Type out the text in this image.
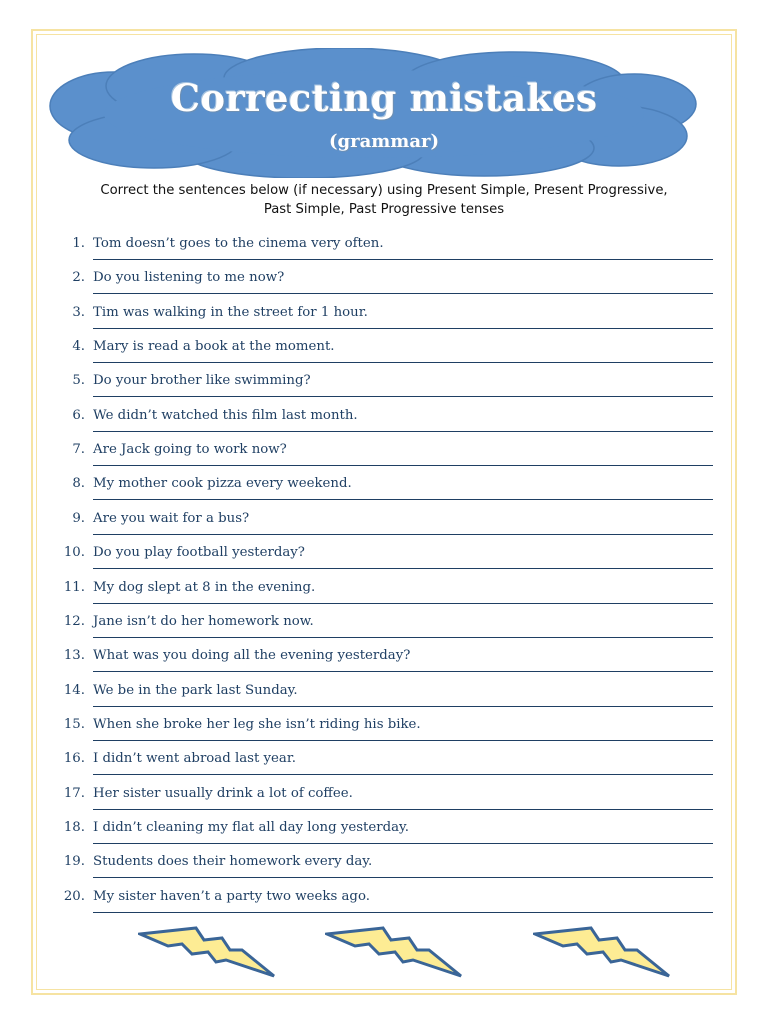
Correcting mistakes
(grammar)
Correct the sentences below (if necessary) using Present Simple, Present Progressive,
Past Simple, Past Progressive tenses
1. Tom doesn’t goes to the cinema very often.
2. Do you listening to me now?
3. Tim was walking in the street for 1 hour.
4. Mary is read a book at the moment.
5. Do your brother like swimming?
6. We didn’t watched this film last month.
7. Are Jack going to work now?
8. My mother cook pizza every weekend.
9. Are you wait for a bus?
10. Do you play football yesterday?
11. My dog slept at 8 in the evening.
12. Jane isn’t do her homework now.
13. What was you doing all the evening yesterday?
14. We be in the park last Sunday.
15. When she broke her leg she isn’t riding his bike.
16. I didn’t went abroad last year.
17. Her sister usually drink a lot of coffee.
18. I didn’t cleaning my flat all day long yesterday.
19. Students does their homework every day.
20. My sister haven’t a party two weeks ago.
